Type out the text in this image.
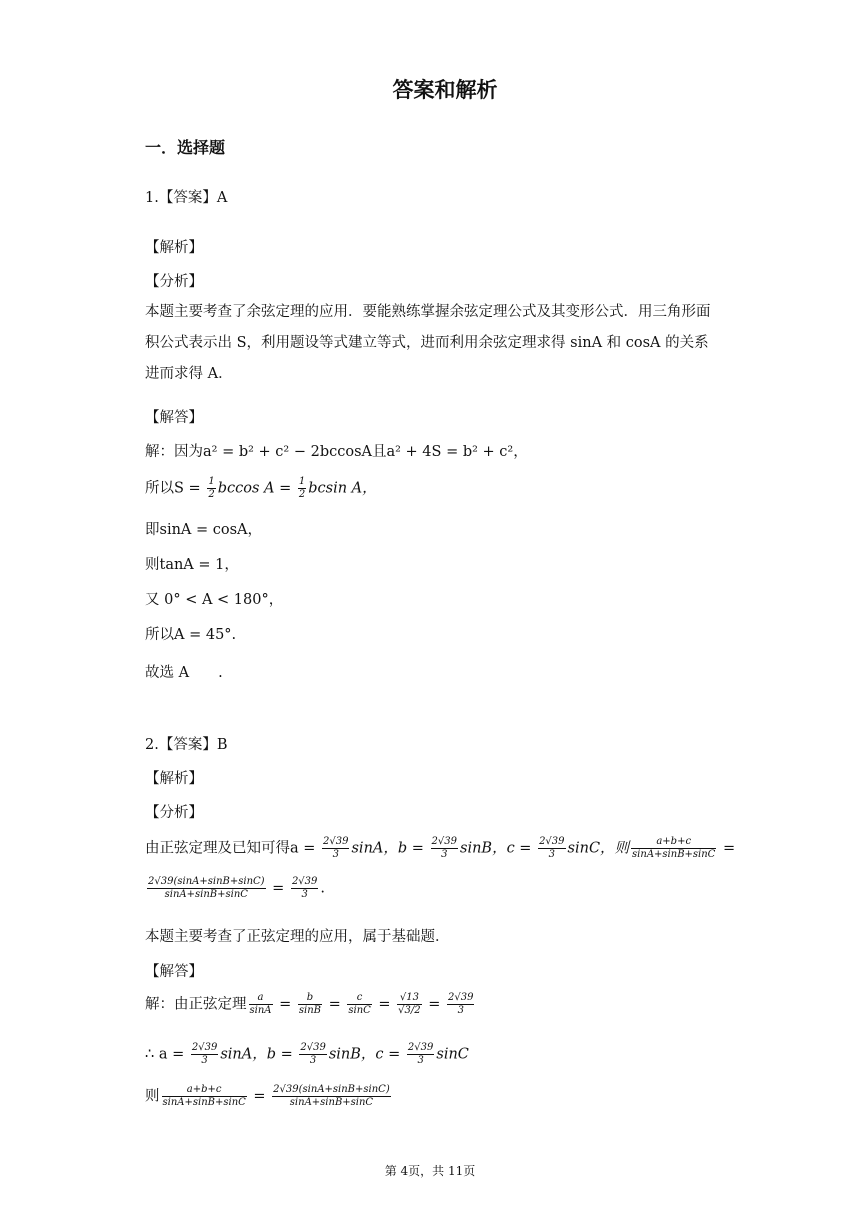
答案和解析
一．选择题
1.【答案】A
【解析】
【分析】
本题主要考查了余弦定理的应用．要能熟练掌握余弦定理公式及其变形公式．用三角形面积公式表示出 S，利用题设等式建立等式，进而利用余弦定理求得 sinA 和 cosA 的关系进而求得 A．
【解答】
解：因为a² = b² + c² − 2bccosA且a² + 4S = b² + c²，
所以$S = \frac{1}{2}$ bccos $A = \frac{1}{2}$ bcsin A，
即sinA = cosA，
则tanA = 1，
又 0° < A < 180°，
所以A = 45°.
故选 A　　.
2.【答案】B
【解析】
【分析】
由正弦定理及已知可得$a = \frac{2√39}{3}$ sinA，$b = \frac{2√39}{3}$ sinB，$c = \frac{2√39}{3}$ sinC，则 $\frac{a+b+c}{\sin A+\sin B+\sin C}$ =
$\frac{2√39(\sin A+\sin B+\sin C)}{\sin A+\sin B+\sin C} = \frac{2√39}{3}$ .
本题主要考查了正弦定理的应用，属于基础题．
【解答】
解：由正弦定理 $\frac{a}{\sin A} = \frac{b}{\sin B} = \frac{c}{\sin C} = \frac{√13}{√3/2} = \frac{2√39}{3}$
∴ $a = \frac{2√39}{3}$ sinA，$b = \frac{2√39}{3}$ sinB，$c = \frac{2√39}{3}$ sinC
则 $\frac{a+b+c}{\sin A+\sin B+\sin C} = \frac{2√39(\sin A+\sin B+\sin C)}{\sin A+\sin B+\sin C}$
第 4页，共 11页
